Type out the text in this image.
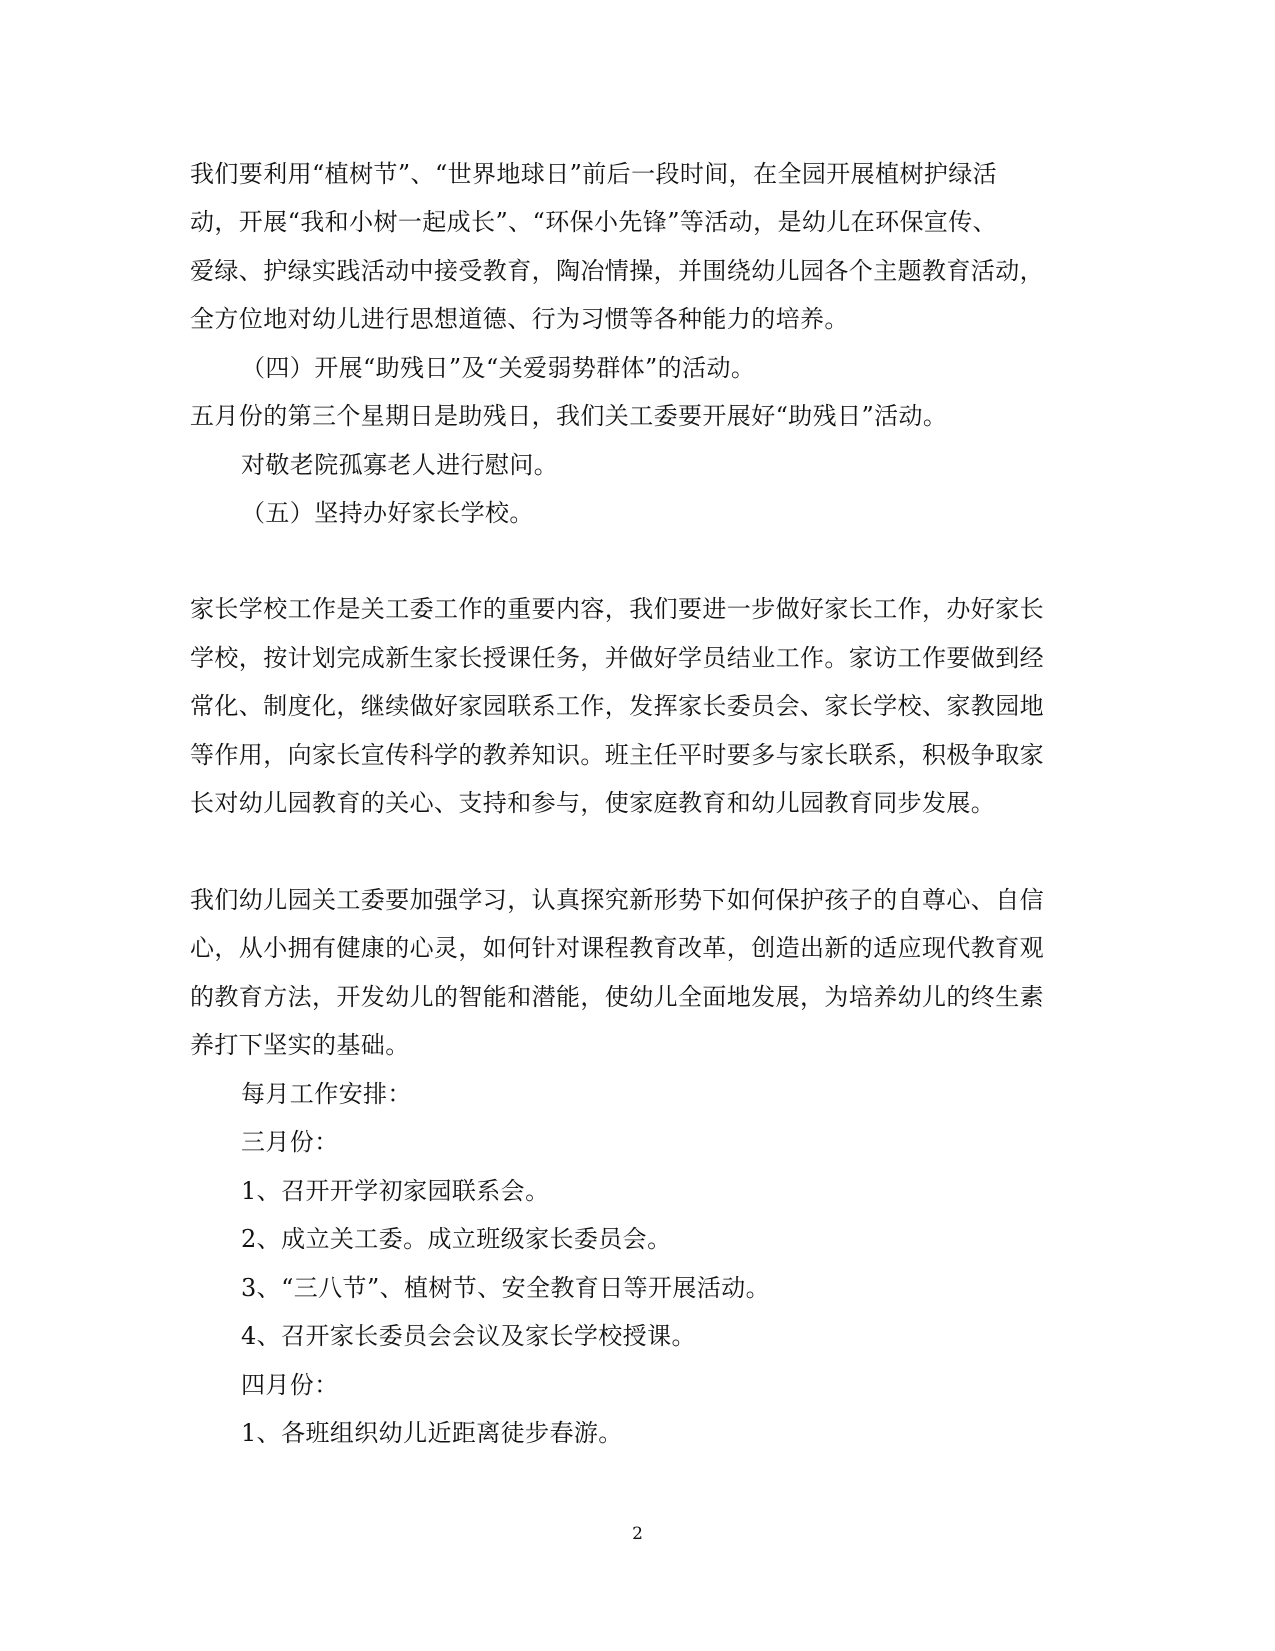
我们要利用“植树节”、“世界地球日”前后一段时间，在全园开展植树护绿活
动，开展“我和小树一起成长”、“环保小先锋”等活动，是幼儿在环保宣传、
爱绿、护绿实践活动中接受教育，陶冶情操，并围绕幼儿园各个主题教育活动，
全方位地对幼儿进行思想道德、行为习惯等各种能力的培养。
（四）开展“助残日”及“关爱弱势群体”的活动。
五月份的第三个星期日是助残日，我们关工委要开展好“助残日”活动。
对敬老院孤寡老人进行慰问。
（五）坚持办好家长学校。
家长学校工作是关工委工作的重要内容，我们要进一步做好家长工作，办好家长
学校，按计划完成新生家长授课任务，并做好学员结业工作。家访工作要做到经
常化、制度化，继续做好家园联系工作，发挥家长委员会、家长学校、家教园地
等作用，向家长宣传科学的教养知识。班主任平时要多与家长联系，积极争取家
长对幼儿园教育的关心、支持和参与，使家庭教育和幼儿园教育同步发展。
我们幼儿园关工委要加强学习，认真探究新形势下如何保护孩子的自尊心、自信
心，从小拥有健康的心灵，如何针对课程教育改革，创造出新的适应现代教育观
的教育方法，开发幼儿的智能和潜能，使幼儿全面地发展，为培养幼儿的终生素
养打下坚实的基础。
每月工作安排：
三月份：
1、召开开学初家园联系会。
2、成立关工委。成立班级家长委员会。
3、“三八节”、植树节、安全教育日等开展活动。
4、召开家长委员会会议及家长学校授课。
四月份：
1、各班组织幼儿近距离徒步春游。
2
